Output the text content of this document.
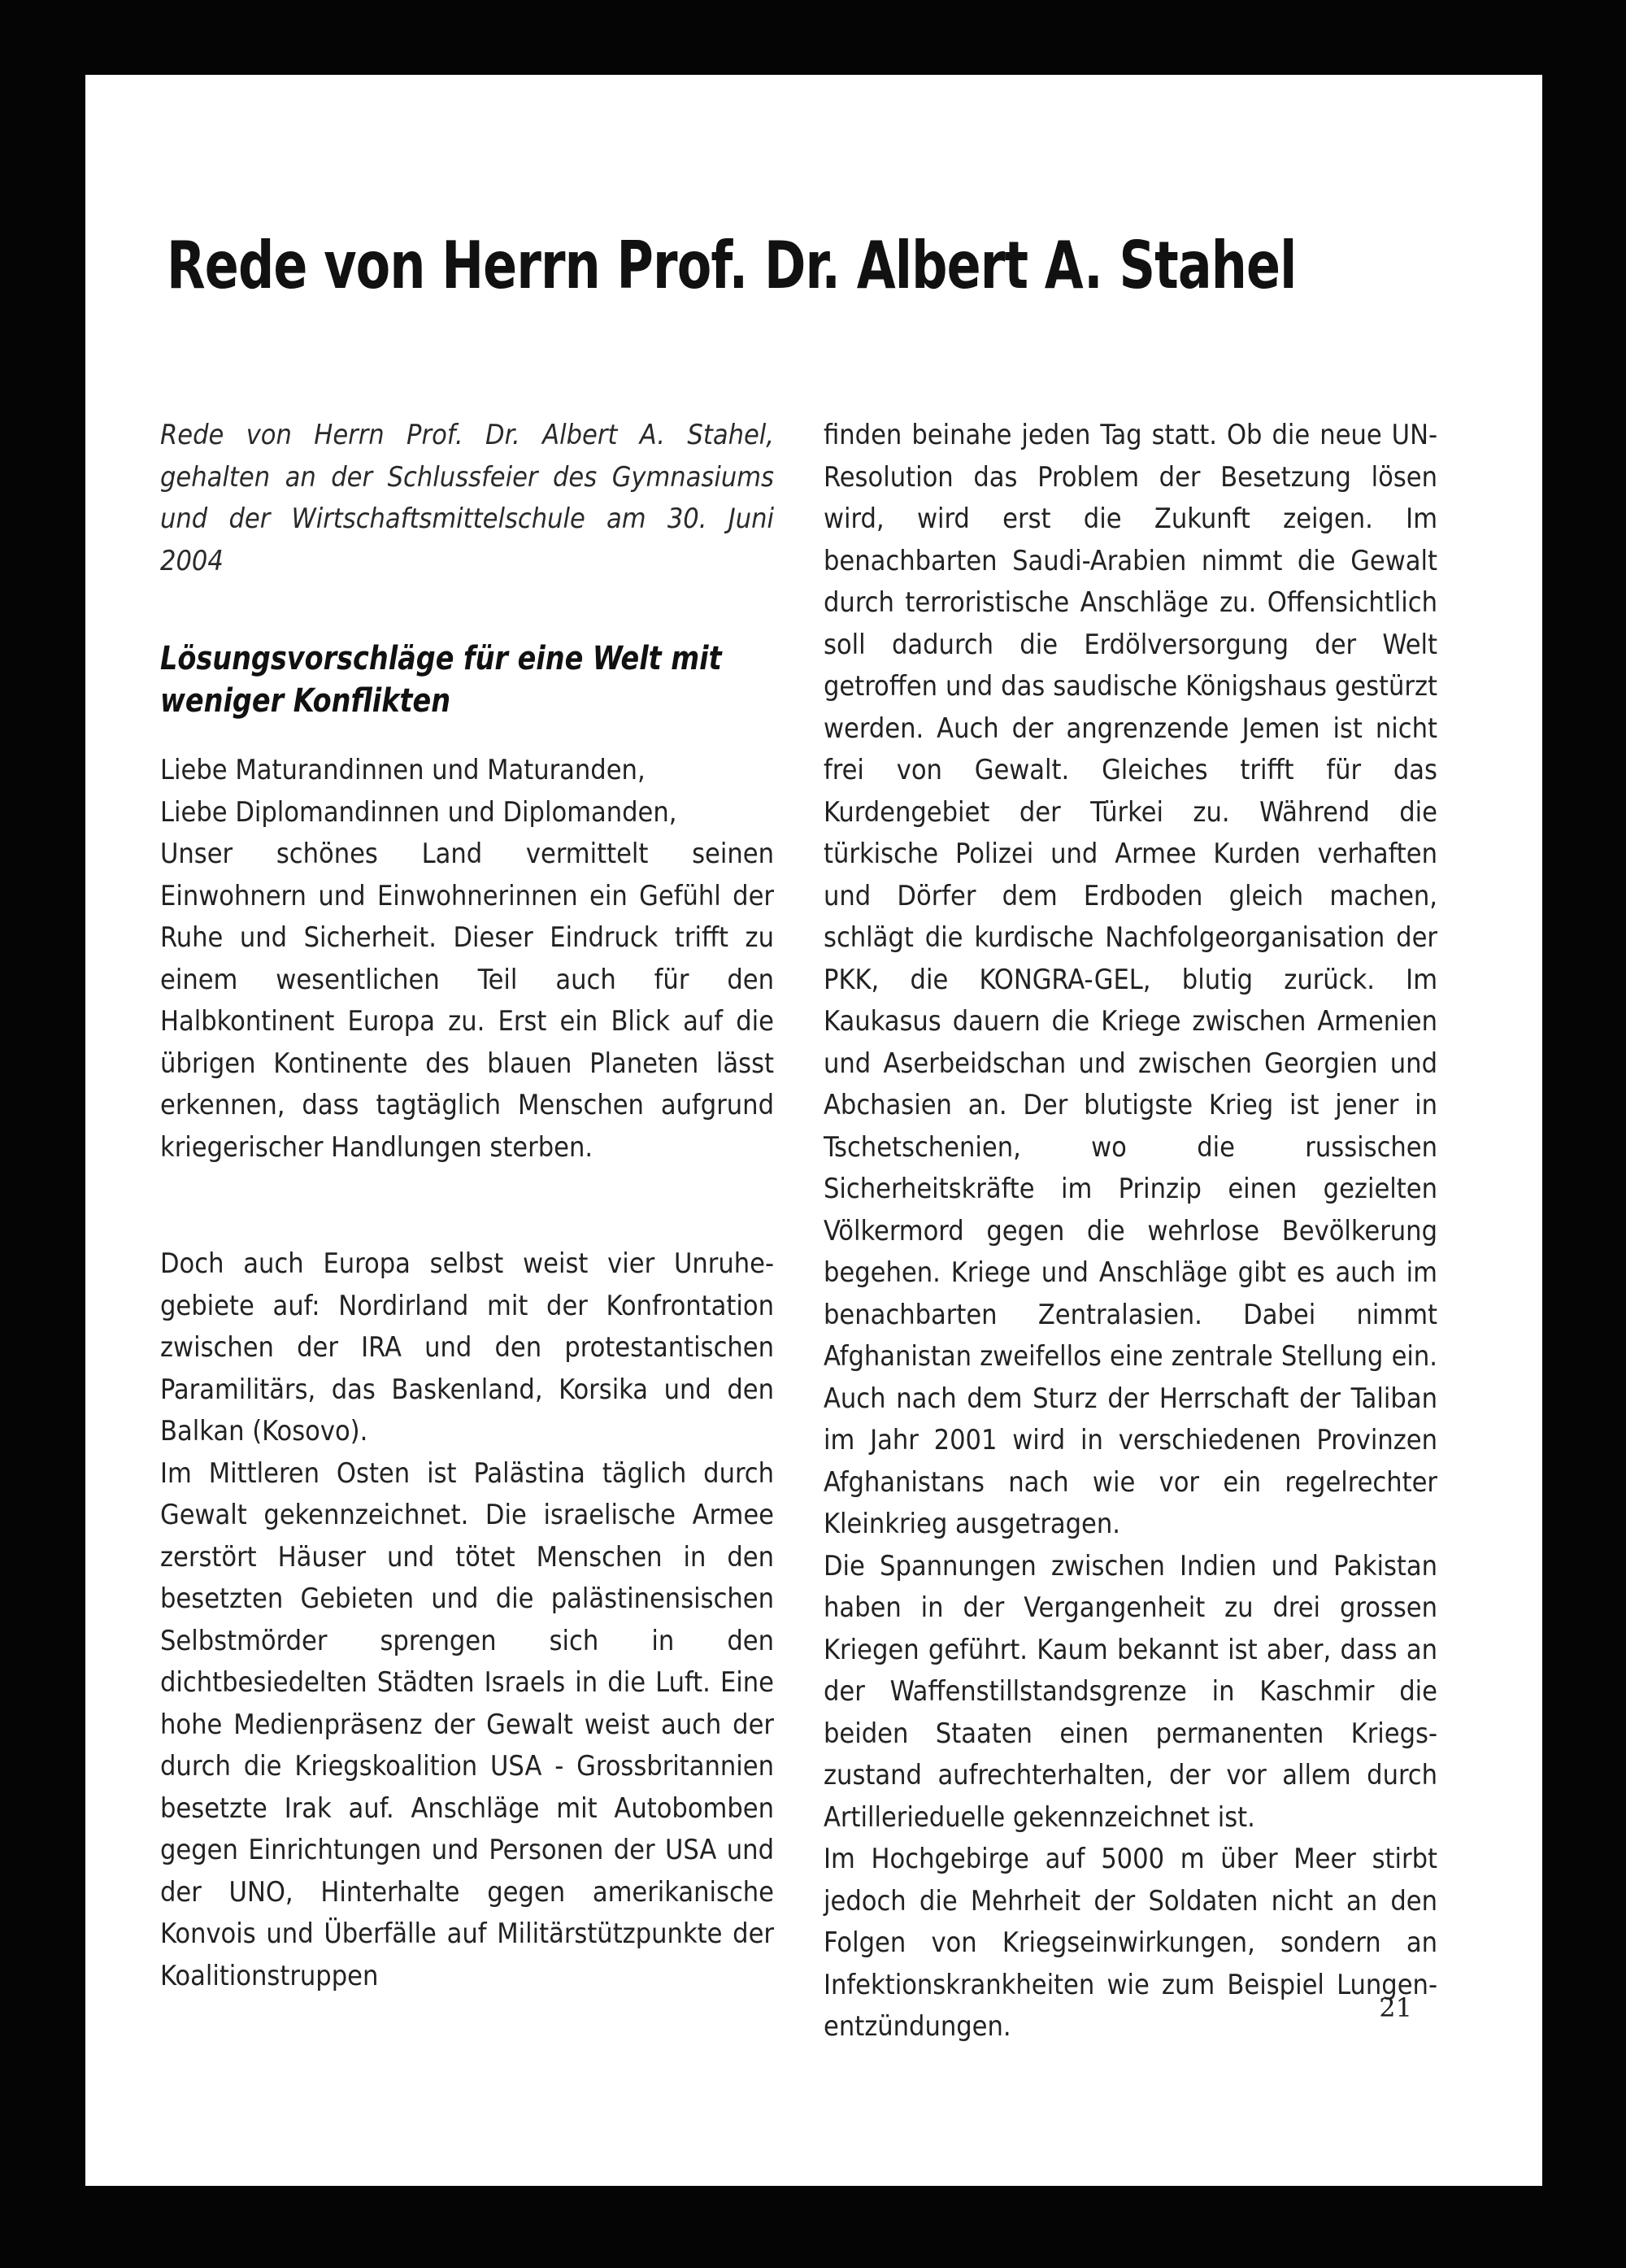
Rede von Herrn Prof. Dr. Albert A. Stahel

Rede von Herrn Prof. Dr. Albert A. Stahel, gehalten an der Schlussfeier des Gymnasiums und der Wirtschaftsmittelschule am 30. Juni 2004

Lösungsvorschläge für eine Welt mit weniger Konflikten

Liebe Maturandinnen und Maturanden,

Liebe Diplomandinnen und Diplomanden,

Unser schönes Land vermittelt seinen Einwohnern und Einwohnerinnen ein Gefühl der Ruhe und Sicherheit. Dieser Eindruck trifft zu einem wesentlichen Teil auch für den Halbkontinent Europa zu. Erst ein Blick auf die übrigen Kontinente des blauen Planeten lässt erkennen, dass tagtäglich Menschen aufgrund kriegerischer Handlungen sterben.

Doch auch Europa selbst weist vier Unruhegebiete auf: Nordirland mit der Konfrontation zwischen der IRA und den protestantischen Paramilitärs, das Baskenland, Korsika und den Balkan (Kosovo).

Im Mittleren Osten ist Palästina täglich durch Gewalt gekennzeichnet. Die israelische Armee zerstört Häuser und tötet Menschen in den besetzten Gebieten und die palästinensischen Selbstmörder sprengen sich in den dichtbesiedelten Städten Israels in die Luft. Eine hohe Medienpräsenz der Gewalt weist auch der durch die Kriegskoalition USA - Grossbritannien besetzte Irak auf. Anschläge mit Autobomben gegen Einrichtungen und Personen der USA und der UNO, Hinterhalte gegen amerikanische Konvois und Überfälle auf Militärstützpunkte der Koalitionstruppen

finden beinahe jeden Tag statt. Ob die neue UN-Resolution das Problem der Besetzung lösen wird, wird erst die Zukunft zeigen. Im benachbarten Saudi-Arabien nimmt die Gewalt durch terroristische Anschläge zu. Offensichtlich soll dadurch die Erdölversorgung der Welt getroffen und das saudische Königshaus gestürzt werden. Auch der angrenzende Jemen ist nicht frei von Gewalt. Gleiches trifft für das Kurdengebiet der Türkei zu. Während die türkische Polizei und Armee Kurden verhaften und Dörfer dem Erdboden gleich machen, schlägt die kurdische Nachfolgeorganisation der PKK, die KONGRA-GEL, blutig zurück. Im Kaukasus dauern die Kriege zwischen Armenien und Aserbeidschan und zwischen Georgien und Abchasien an. Der blutigste Krieg ist jener in Tschetschenien, wo die russischen Sicherheitskräfte im Prinzip einen gezielten Völkermord gegen die wehrlose Bevölkerung begehen. Kriege und Anschläge gibt es auch im benachbarten Zentralasien. Dabei nimmt Afghanistan zweifellos eine zentrale Stellung ein. Auch nach dem Sturz der Herrschaft der Taliban im Jahr 2001 wird in verschiedenen Provinzen Afghanistans nach wie vor ein regelrechter Kleinkrieg ausgetragen.

Die Spannungen zwischen Indien und Pakistan haben in der Vergangenheit zu drei grossen Kriegen geführt. Kaum bekannt ist aber, dass an der Waffenstillstandsgrenze in Kaschmir die beiden Staaten einen permanenten Kriegszustand aufrechterhalten, der vor allem durch Artillerieduelle gekennzeichnet ist.

Im Hochgebirge auf 5000 m über Meer stirbt jedoch die Mehrheit der Soldaten nicht an den Folgen von Kriegseinwirkungen, sondern an Infektionskrankheiten wie zum Beispiel Lungenentzündungen.

21
